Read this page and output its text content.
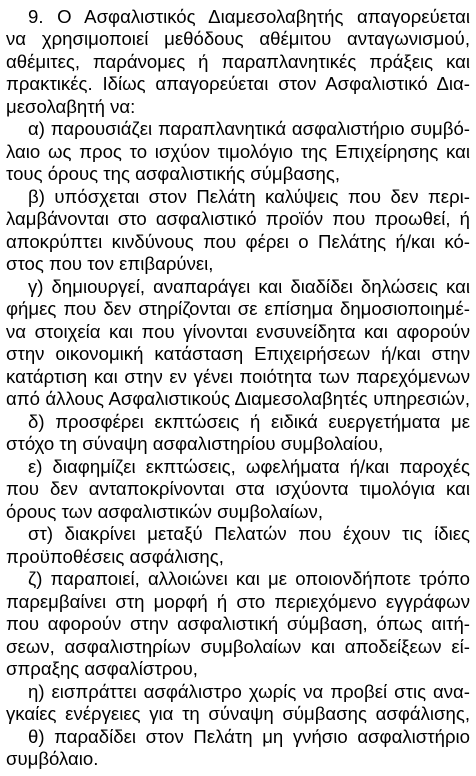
9. Ο Ασφαλιστικός Διαμεσολαβητής απαγορεύεται
να χρησιμοποιεί μεθόδους αθέμιτου ανταγωνισμού,
αθέμιτες, παράνομες ή παραπλανητικές πράξεις και
πρακτικές. Ιδίως απαγορεύεται στον Ασφαλιστικό Δια-
μεσολαβητή να:
α) παρουσιάζει παραπλανητικά ασφαλιστήριο συμβό-
λαιο ως προς το ισχύον τιμολόγιο της Επιχείρησης και
τους όρους της ασφαλιστικής σύμβασης,
β) υπόσχεται στον Πελάτη καλύψεις που δεν περι-
λαμβάνονται στο ασφαλιστικό προϊόν που προωθεί, ή
αποκρύπτει κινδύνους που φέρει ο Πελάτης ή/και κό-
στος που τον επιβαρύνει,
γ) δημιουργεί, αναπαράγει και διαδίδει δηλώσεις και
φήμες που δεν στηρίζονται σε επίσημα δημοσιοποιημέ-
να στοιχεία και που γίνονται ενσυνείδητα και αφορούν
στην οικονομική κατάσταση Επιχειρήσεων ή/και στην
κατάρτιση και στην εν γένει ποιότητα των παρεχόμενων
από άλλους Ασφαλιστικούς Διαμεσολαβητές υπηρεσιών,
δ) προσφέρει εκπτώσεις ή ειδικά ευεργετήματα με
στόχο τη σύναψη ασφαλιστηρίου συμβολαίου,
ε) διαφημίζει εκπτώσεις, ωφελήματα ή/και παροχές
που δεν ανταποκρίνονται στα ισχύοντα τιμολόγια και
όρους των ασφαλιστικών συμβολαίων,
στ) διακρίνει μεταξύ Πελατών που έχουν τις ίδιες
προϋποθέσεις ασφάλισης,
ζ) παραποιεί, αλλοιώνει και με οποιονδήποτε τρόπο
παρεμβαίνει στη μορφή ή στο περιεχόμενο εγγράφων
που αφορούν στην ασφαλιστική σύμβαση, όπως αιτή-
σεων, ασφαλιστηρίων συμβολαίων και αποδείξεων εί-
σπραξης ασφαλίστρου,
η) εισπράττει ασφάλιστρο χωρίς να προβεί στις ανα-
γκαίες ενέργειες για τη σύναψη σύμβασης ασφάλισης,
θ) παραδίδει στον Πελάτη μη γνήσιο ασφαλιστήριο
συμβόλαιο.
